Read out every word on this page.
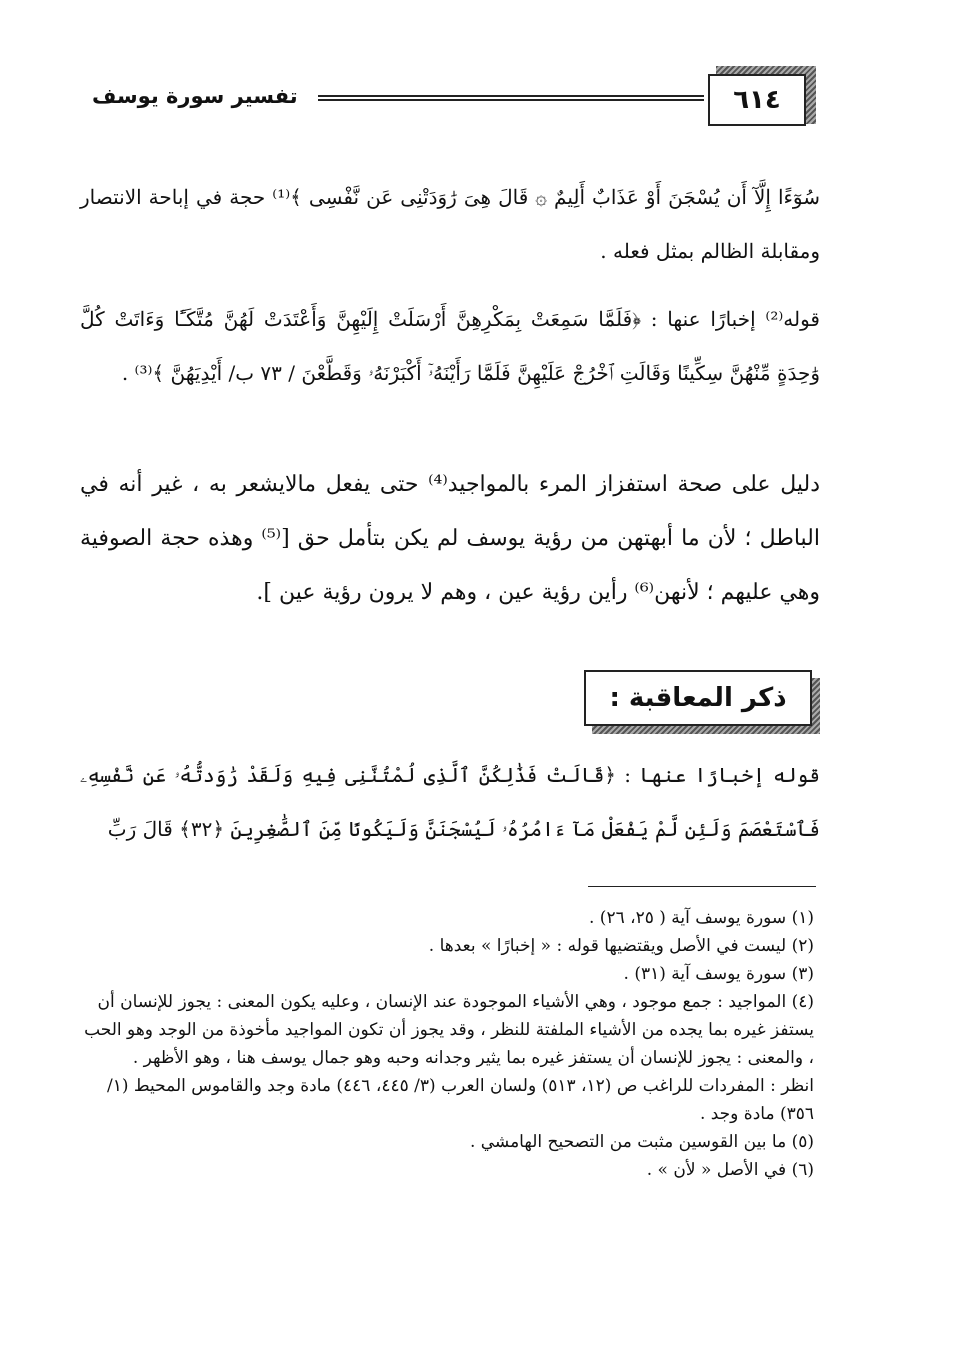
٦١٤
تفسير سورة يوسف
سُوٓءًا إِلَّآ أَن يُسْجَنَ أَوْ عَذَابٌ أَلِيمٌ ۞ قَالَ هِىَ رَٰوَدَتْنِى عَن نَّفْسِى ﴾⁽¹⁾ حجة في إباحة الانتصار ومقابلة الظالم بمثل فعله .
قوله⁽²⁾ إخبارًا عنها : ﴿فَلَمَّا سَمِعَتْ بِمَكْرِهِنَّ أَرْسَلَتْ إِلَيْهِنَّ وَأَعْتَدَتْ لَهُنَّ مُتَّكَـًٔا وَءَاتَتْ كُلَّ وَٰحِدَةٍ مِّنْهُنَّ سِكِّينًا وَقَالَتِ ٱخْرُجْ عَلَيْهِنَّ فَلَمَّا رَأَيْنَهُۥٓ أَكْبَرْنَهُۥ وَقَطَّعْنَ / ٧٣ ب/ أَيْدِيَهُنَّ ﴾⁽³⁾ .
دليل على صحة استفزاز المرء بالمواجيد⁽⁴⁾ حتى يفعل مالايشعر به ، غير أنه في الباطل ؛ لأن ما أبهتهن من رؤية يوسف لم يكن بتأمل حق [⁽⁵⁾ وهذه حجة الصوفية وهي عليهم ؛ لأنهن⁽⁶⁾ رأين رؤية عين ، وهم لا يرون رؤية عين ].
ذكر المعاقبة :
قوله إخبارًا عنها : ﴿قَالَتْ فَذَٰلِكُنَّ ٱلَّذِى لُمْتُنَّنِى فِيهِ وَلَقَدْ رَٰوَدتُّهُۥ عَن نَّفْسِهِۦ فَٱسْتَعْصَمَ وَلَئِن لَّمْ يَفْعَلْ مَآ ءَامُرُهُۥ لَيُسْجَنَنَّ وَلَيَكُونًا مِّنَ ٱلصَّٰغِرِينَ ﴿٣٢﴾ قَالَ رَبِّ
(١) سورة يوسف آية ( ٢٥، ٢٦) .
(٢) ليست في الأصل ويقتضيها قوله : « إخبارًا » بعدها .
(٣) سورة يوسف آية (٣١) .
(٤) المواجيد : جمع موجود ، وهي الأشياء الموجودة عند الإنسان ، وعليه يكون المعنى : يجوز للإنسان أن يستفز غيره بما يجده من الأشياء الملفتة للنظر ، وقد يجوز أن تكون المواجيد مأخوذة من الوجد وهو الحب ، والمعنى : يجوز للإنسان أن يستفز غيره بما يثير وجدانه وحبه وهو جمال يوسف هنا ، وهو الأظهر .
انظر : المفردات للراغب ص (١٢، ٥١٣) ولسان العرب (٣/ ٤٤٥، ٤٤٦) مادة وجد والقاموس المحيط (١/ ٣٥٦) مادة وجد .
(٥) ما بين القوسين مثبت من التصحيح الهامشي .
(٦) في الأصل « لأن » .
